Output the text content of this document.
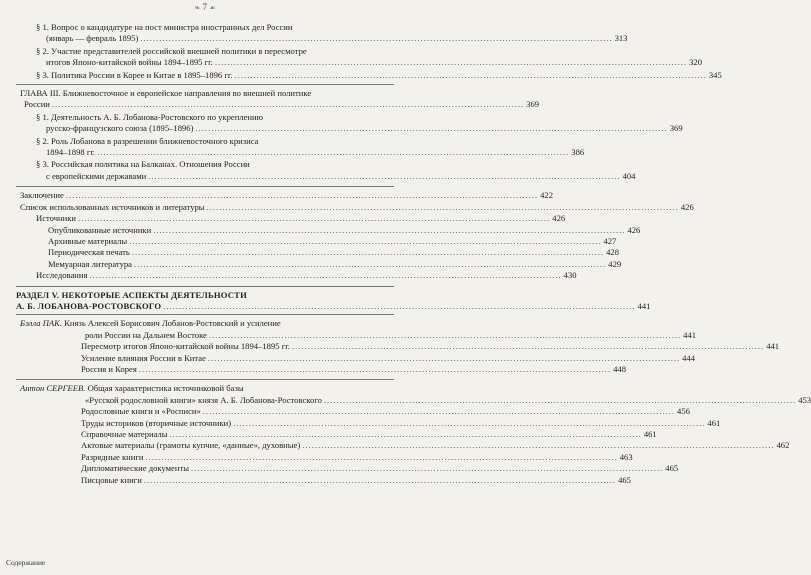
❧ 7 ☙
§ 1. Вопрос о кандидатуре на пост министра иностранных дел России
(январь — февраль 1895) .....	313
§ 2. Участие представителей российской внешней политики в пересмотре
итогов Японо-китайской войны 1894–1895 гг. .....	320
§ 3. Политика России в Корее и Китае в 1895–1896 гг. .....	345
ГЛАВА III. Ближневосточное и европейское направления во внешней политике
России .....	369
§ 1. Деятельность А. Б. Лобанова-Ростовского по укреплению
русско-французского союза (1895–1896) .....	369
§ 2. Роль Лобанова в разрешении ближневосточного кризиса
1894–1898 гг. .....	386
§ 3. Российская политика на Балканах. Отношения России
с европейскими державами .....	404
Заключение .....	422
Список использованных источников и литературы .....	426
Источники .....	426
Опубликованные источники .....	426
Архивные материалы .....	427
Периодическая печать .....	428
Мемуарная литература .....	429
Исследования .....	430
РАЗДЕЛ V. НЕКОТОРЫЕ АСПЕКТЫ ДЕЯТЕЛЬНОСТИ
А. Б. ЛОБАНОВА-РОСТОВСКОГО .....	441
Бэлла ПАК. Князь Алексей Борисович Лобанов-Ростовский и усиление
роли России на Дальнем Востоке .....	441
Пересмотр итогов Японо-китайской войны 1894–1895 гг. .....	441
Усиление влияния России в Китае .....	444
Россия и Корея .....	448
Антон СЕРГЕЕВ. Общая характеристика источниковой базы
«Русской родословной книги» князя А. Б. Лобанова-Ростовского .....	453
Родословные книги и «Росписи» .....	456
Труды историков (вторичные источники) .....	461
Справочные материалы .....	461
Актовые материалы (грамоты купчие, «данные», духовные) .....	462
Разрядные книги .....	463
Дипломатические документы .....	465
Писцовые книги .....	465
Содержание
